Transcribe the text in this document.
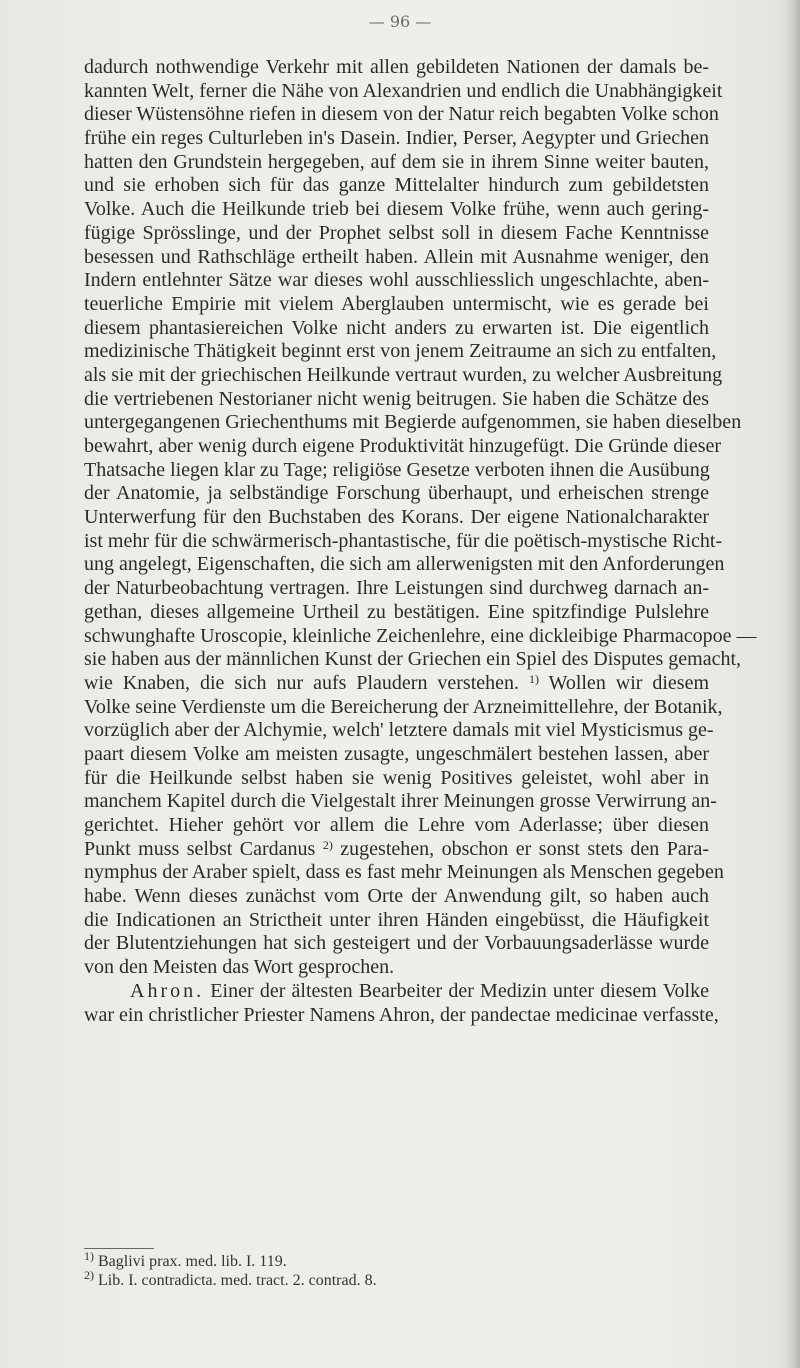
— 96 —

dadurch nothwendige Verkehr mit allen gebildeten Nationen der damals be-
kannten Welt, ferner die Nähe von Alexandrien und endlich die Unabhängigkeit
dieser Wüstensöhne riefen in diesem von der Natur reich begabten Volke schon
frühe ein reges Culturleben in's Dasein. Indier, Perser, Aegypter und Griechen
hatten den Grundstein hergegeben, auf dem sie in ihrem Sinne weiter bauten,
und sie erhoben sich für das ganze Mittelalter hindurch zum gebildetsten
Volke. Auch die Heilkunde trieb bei diesem Volke frühe, wenn auch gering-
fügige Sprösslinge, und der Prophet selbst soll in diesem Fache Kenntnisse
besessen und Rathschläge ertheilt haben. Allein mit Ausnahme weniger, den
Indern entlehnter Sätze war dieses wohl ausschliesslich ungeschlachte, aben-
teuerliche Empirie mit vielem Aberglauben untermischt, wie es gerade bei
diesem phantasiereichen Volke nicht anders zu erwarten ist. Die eigentlich
medizinische Thätigkeit beginnt erst von jenem Zeitraume an sich zu entfalten,
als sie mit der griechischen Heilkunde vertraut wurden, zu welcher Ausbreitung
die vertriebenen Nestorianer nicht wenig beitrugen. Sie haben die Schätze des
untergegangenen Griechenthums mit Begierde aufgenommen, sie haben dieselben
bewahrt, aber wenig durch eigene Produktivität hinzugefügt. Die Gründe dieser
Thatsache liegen klar zu Tage; religiöse Gesetze verboten ihnen die Ausübung
der Anatomie, ja selbständige Forschung überhaupt, und erheischen strenge
Unterwerfung für den Buchstaben des Korans. Der eigene Nationalcharakter
ist mehr für die schwärmerisch-phantastische, für die poëtisch-mystische Richt-
ung angelegt, Eigenschaften, die sich am allerwenigsten mit den Anforderungen
der Naturbeobachtung vertragen. Ihre Leistungen sind durchweg darnach an-
gethan, dieses allgemeine Urtheil zu bestätigen. Eine spitzfindige Pulslehre
schwunghafte Uroscopie, kleinliche Zeichenlehre, eine dickleibige Pharmacopoe —
sie haben aus der männlichen Kunst der Griechen ein Spiel des Disputes gemacht,
wie Knaben, die sich nur aufs Plaudern verstehen. $^{1)}$ Wollen wir diesem
Volke seine Verdienste um die Bereicherung der Arzneimittellehre, der Botanik,
vorzüglich aber der Alchymie, welch' letztere damals mit viel Mysticismus ge-
paart diesem Volke am meisten zusagte, ungeschmälert bestehen lassen, aber
für die Heilkunde selbst haben sie wenig Positives geleistet, wohl aber in
manchem Kapitel durch die Vielgestalt ihrer Meinungen grosse Verwirrung an-
gerichtet. Hieher gehört vor allem die Lehre vom Aderlasse; über diesen
Punkt muss selbst Cardanus $^{2)}$ zugestehen, obschon er sonst stets den Para-
nymphus der Araber spielt, dass es fast mehr Meinungen als Menschen gegeben
habe. Wenn dieses zunächst vom Orte der Anwendung gilt, so haben auch
die Indicationen an Strictheit unter ihren Händen eingebüsst, die Häufigkeit
der Blutentziehungen hat sich gesteigert und der Vorbauungsaderlässe wurde
von den Meisten das Wort gesprochen.
Ahron. Einer der ältesten Bearbeiter der Medizin unter diesem Volke
war ein christlicher Priester Namens Ahron, der pandectae medicinae verfasste,
$^{1)}$ Baglivi prax. med. lib. I. 119.
$^{2)}$ Lib. I. contradicta. med. tract. 2. contrad. 8.
